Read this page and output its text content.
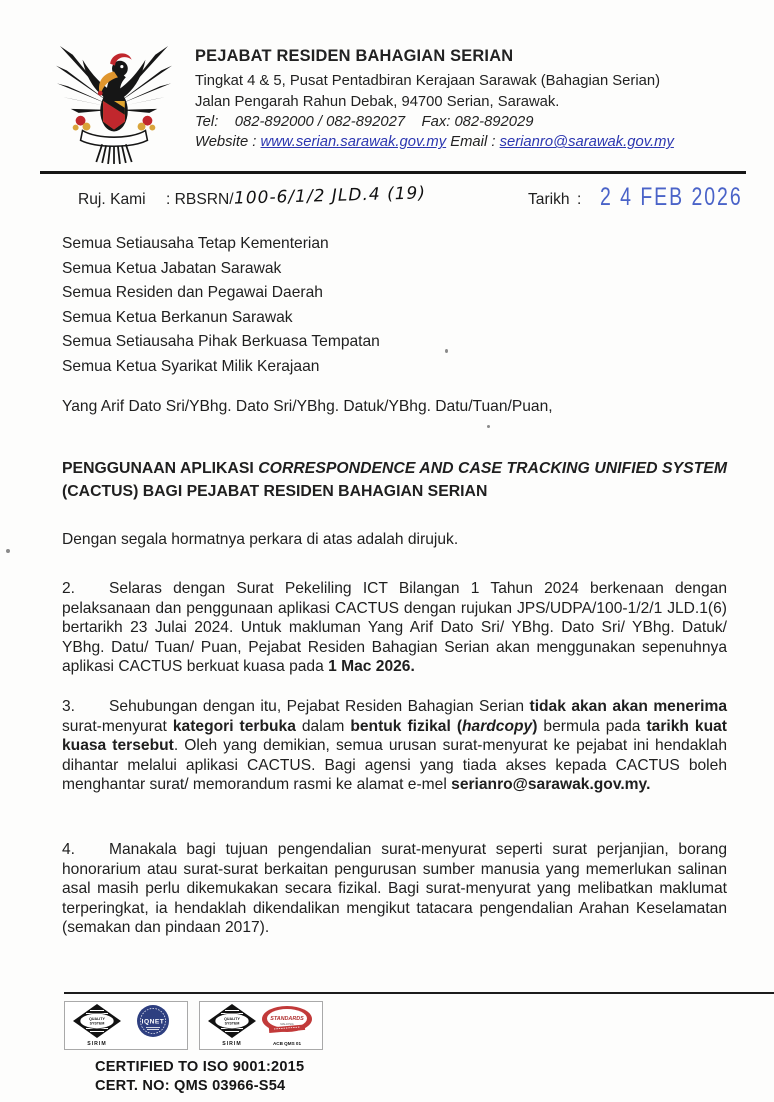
PEJABAT RESIDEN BAHAGIAN SERIAN
Tingkat 4 & 5, Pusat Pentadbiran Kerajaan Sarawak (Bahagian Serian)
Jalan Pengarah Rahun Debak, 94700 Serian, Sarawak.
Tel: 082-892000 / 082-892027 Fax: 082-892029
Website : www.serian.sarawak.gov.my Email : serianro@sarawak.gov.my
Ruj. Kami : RBSRN/ 100-6/1/2 JLD.4 (19)	Tarikh : 2 4 FEB 2026
Semua Setiausaha Tetap Kementerian
Semua Ketua Jabatan Sarawak
Semua Residen dan Pegawai Daerah
Semua Ketua Berkanun Sarawak
Semua Setiausaha Pihak Berkuasa Tempatan
Semua Ketua Syarikat Milik Kerajaan

Yang Arif Dato Sri/YBhg. Dato Sri/YBhg. Datuk/YBhg. Datu/Tuan/Puan,

PENGGUNAAN APLIKASI CORRESPONDENCE AND CASE TRACKING UNIFIED SYSTEM (CACTUS) BAGI PEJABAT RESIDEN BAHAGIAN SERIAN

Dengan segala hormatnya perkara di atas adalah dirujuk.

2. Selaras dengan Surat Pekeliling ICT Bilangan 1 Tahun 2024 berkenaan dengan pelaksanaan dan penggunaan aplikasi CACTUS dengan rujukan JPS/UDPA/100-1/2/1 JLD.1(6) bertarikh 23 Julai 2024. Untuk makluman Yang Arif Dato Sri/ YBhg. Dato Sri/ YBhg. Datuk/ YBhg. Datu/ Tuan/ Puan, Pejabat Residen Bahagian Serian akan menggunakan sepenuhnya aplikasi CACTUS berkuat kuasa pada 1 Mac 2026.

3. Sehubungan dengan itu, Pejabat Residen Bahagian Serian tidak akan akan menerima surat-menyurat kategori terbuka dalam bentuk fizikal (hardcopy) bermula pada tarikh kuat kuasa tersebut. Oleh yang demikian, semua urusan surat-menyurat ke pejabat ini hendaklah dihantar melalui aplikasi CACTUS. Bagi agensi yang tiada akses kepada CACTUS boleh menghantar surat/ memorandum rasmi ke alamat e-mel serianro@sarawak.gov.my.

4. Manakala bagi tujuan pengendalian surat-menyurat seperti surat perjanjian, borang honorarium atau surat-surat berkaitan pengurusan sumber manusia yang memerlukan salinan asal masih perlu dikemukakan secara fizikal. Bagi surat-menyurat yang melibatkan maklumat terperingkat, ia hendaklah dikendalikan mengikut tatacara pengendalian Arahan Keselamatan (semakan dan pindaan 2017).

QUALITY
SYSTEM
SIRIM
IQNET	QUALITY
SYSTEM
SIRIM
STANDARDS
MALAYSIA
ACB QMS 01
CERTIFIED TO ISO 9001:2015
CERT. NO: QMS 03966-S54
